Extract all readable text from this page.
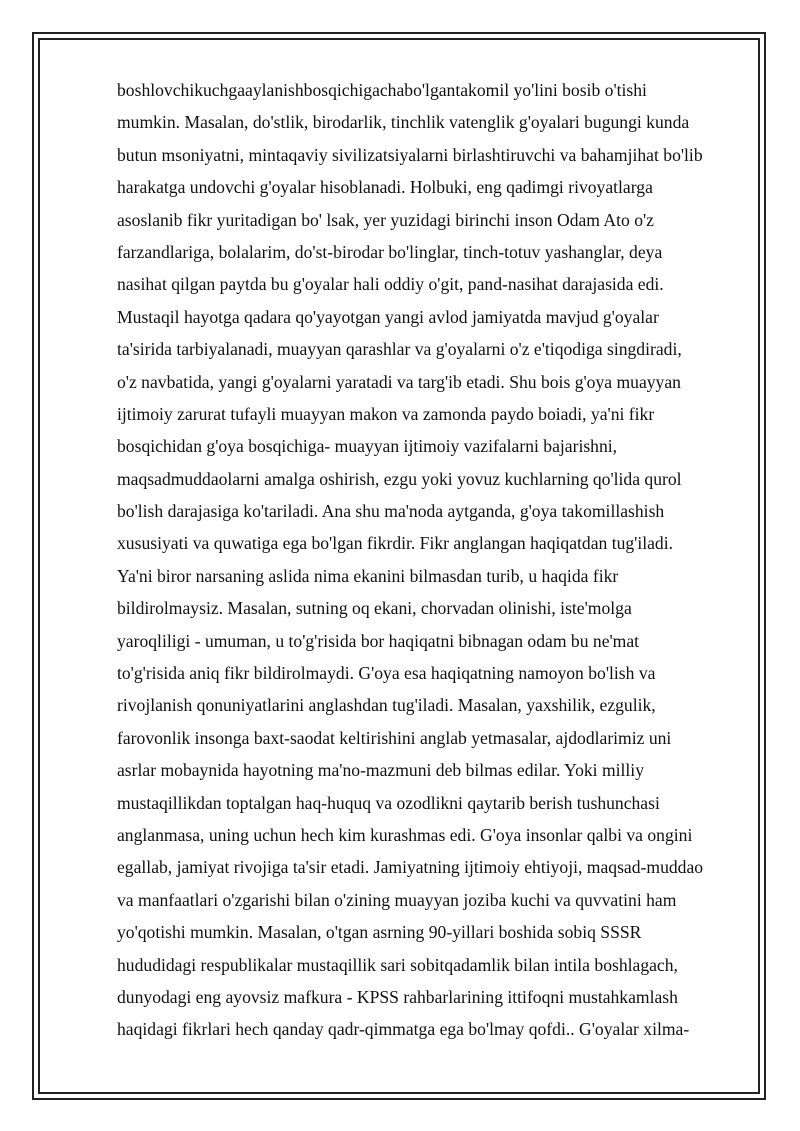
boshlovchikuchgaaylanishbosqichigachabo'lgantakomil yo'lini bosib o'tishi
mumkin. Masalan, do'stlik, birodarlik, tinchlik vatenglik g'oyalari bugungi kunda
butun msoniyatni, mintaqaviy sivilizatsiyalarni birlashtiruvchi va bahamjihat bo'lib
harakatga undovchi g'oyalar hisoblanadi. Holbuki, eng qadimgi rivoyatlarga
asoslanib fikr yuritadigan bo' lsak, yer yuzidagi birinchi inson Odam Ato o'z
farzandlariga, bolalarim, do'st-birodar bo'linglar, tinch-totuv yashanglar, deya
nasihat qilgan paytda bu g'oyalar hali oddiy o'git, pand-nasihat darajasida edi.
Mustaqil hayotga qadara qo'yayotgan yangi avlod jamiyatda mavjud g'oyalar
ta'sirida tarbiyalanadi, muayyan qarashlar va g'oyalarni o'z e'tiqodiga singdiradi,
o'z navbatida, yangi g'oyalarni yaratadi va targ'ib etadi. Shu bois g'oya muayyan
ijtimoiy zarurat tufayli muayyan makon va zamonda paydo boiadi, ya'ni fikr
bosqichidan g'oya bosqichiga- muayyan ijtimoiy vazifalarni bajarishni,
maqsadmuddaolarni amalga oshirish, ezgu yoki yovuz kuchlarning qo'lida qurol
bo'lish darajasiga ko'tariladi. Ana shu ma'noda aytganda, g'oya takomillashish
xususiyati va quwatiga ega bo'lgan fikrdir. Fikr anglangan haqiqatdan tug'iladi.
Ya'ni biror narsaning aslida nima ekanini bilmasdan turib, u haqida fikr
bildirolmaysiz. Masalan, sutning oq ekani, chorvadan olinishi, iste'molga
yaroqliligi - umuman, u to'g'risida bor haqiqatni bibnagan odam bu ne'mat
to'g'risida aniq fikr bildirolmaydi. G'oya esa haqiqatning namoyon bo'lish va
rivojlanish qonuniyatlarini anglashdan tug'iladi. Masalan, yaxshilik, ezgulik,
farovonlik insonga baxt-saodat keltirishini anglab yetmasalar, ajdodlarimiz uni
asrlar mobaynida hayotning ma'no-mazmuni deb bilmas edilar. Yoki milliy
mustaqillikdan toptalgan haq-huquq va ozodlikni qaytarib berish tushunchasi
anglanmasa, uning uchun hech kim kurashmas edi. G'oya insonlar qalbi va ongini
egallab, jamiyat rivojiga ta'sir etadi. Jamiyatning ijtimoiy ehtiyoji, maqsad-muddao
va manfaatlari o'zgarishi bilan o'zining muayyan joziba kuchi va quvvatini ham
yo'qotishi mumkin. Masalan, o'tgan asrning 90-yillari boshida sobiq SSSR
hududidagi respublikalar mustaqillik sari sobitqadamlik bilan intila boshlagach,
dunyodagi eng ayovsiz mafkura - KPSS rahbarlarining ittifoqni mustahkamlash
haqidagi fikrlari hech qanday qadr-qimmatga ega bo'lmay qofdi.. G'oyalar xilma-
